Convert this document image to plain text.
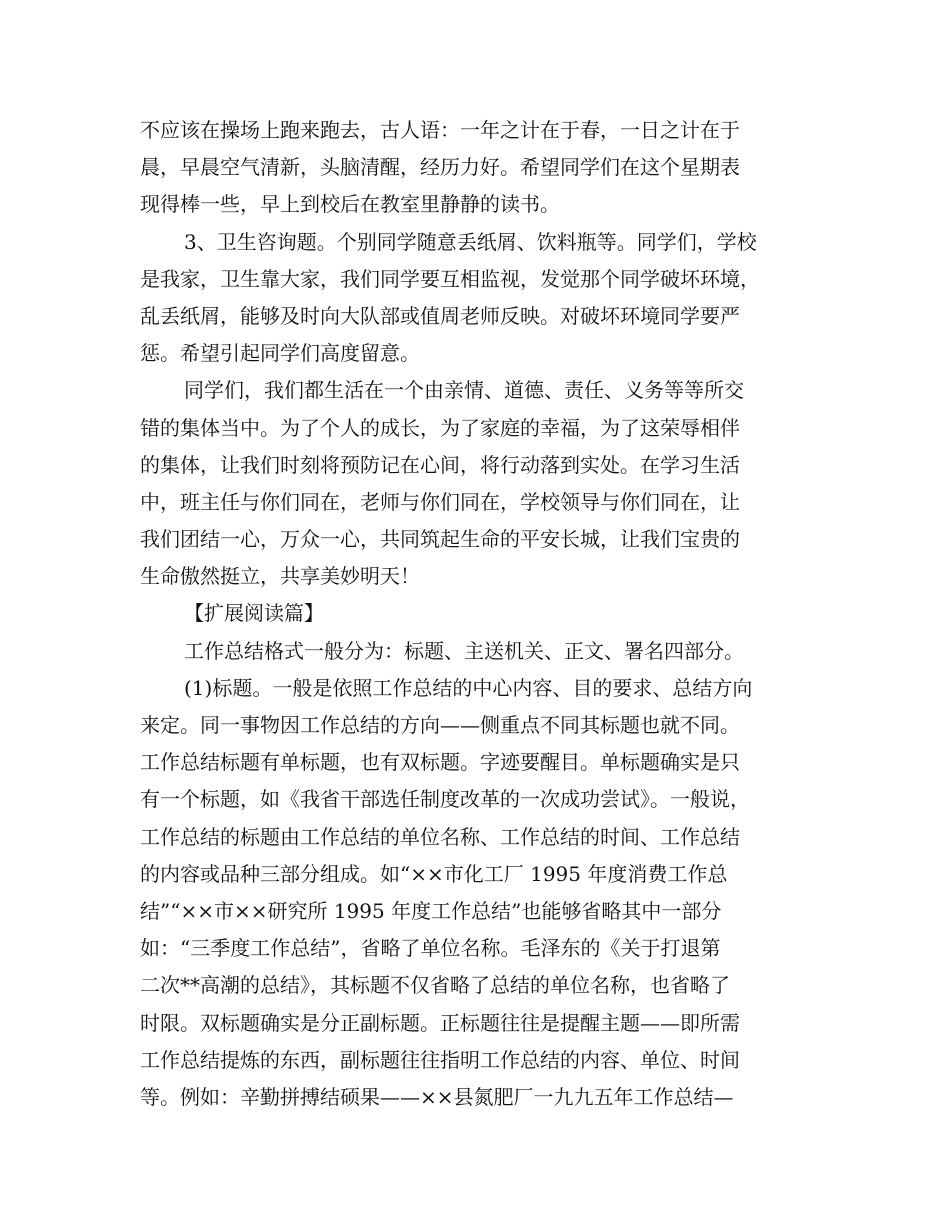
不应该在操场上跑来跑去，古人语：一年之计在于春，一日之计在于
晨，早晨空气清新，头脑清醒，经历力好。希望同学们在这个星期表
现得棒一些，早上到校后在教室里静静的读书。
3、卫生咨询题。个别同学随意丢纸屑、饮料瓶等。同学们，学校
是我家，卫生靠大家，我们同学要互相监视，发觉那个同学破坏环境，
乱丢纸屑，能够及时向大队部或值周老师反映。对破坏环境同学要严
惩。希望引起同学们高度留意。
同学们，我们都生活在一个由亲情、道德、责任、义务等等所交
错的集体当中。为了个人的成长，为了家庭的幸福，为了这荣辱相伴
的集体，让我们时刻将预防记在心间，将行动落到实处。在学习生活
中，班主任与你们同在，老师与你们同在，学校领导与你们同在，让
我们团结一心，万众一心，共同筑起生命的平安长城，让我们宝贵的
生命傲然挺立，共享美妙明天！
【扩展阅读篇】
工作总结格式一般分为：标题、主送机关、正文、署名四部分。
(1)标题。一般是依照工作总结的中心内容、目的要求、总结方向
来定。同一事物因工作总结的方向——侧重点不同其标题也就不同。
工作总结标题有单标题，也有双标题。字迹要醒目。单标题确实是只
有一个标题，如《我省干部选任制度改革的一次成功尝试》。一般说，
工作总结的标题由工作总结的单位名称、工作总结的时间、工作总结
的内容或品种三部分组成。如“××市化工厂 1995 年度消费工作总
结”“××市××研究所 1995 年度工作总结”也能够省略其中一部分
如：“三季度工作总结”，省略了单位名称。毛泽东的《关于打退第
二次**高潮的总结》，其标题不仅省略了总结的单位名称，也省略了
时限。双标题确实是分正副标题。正标题往往是提醒主题——即所需
工作总结提炼的东西，副标题往往指明工作总结的内容、单位、时间
等。例如：辛勤拼搏结硕果——××县氮肥厂一九九五年工作总结—
